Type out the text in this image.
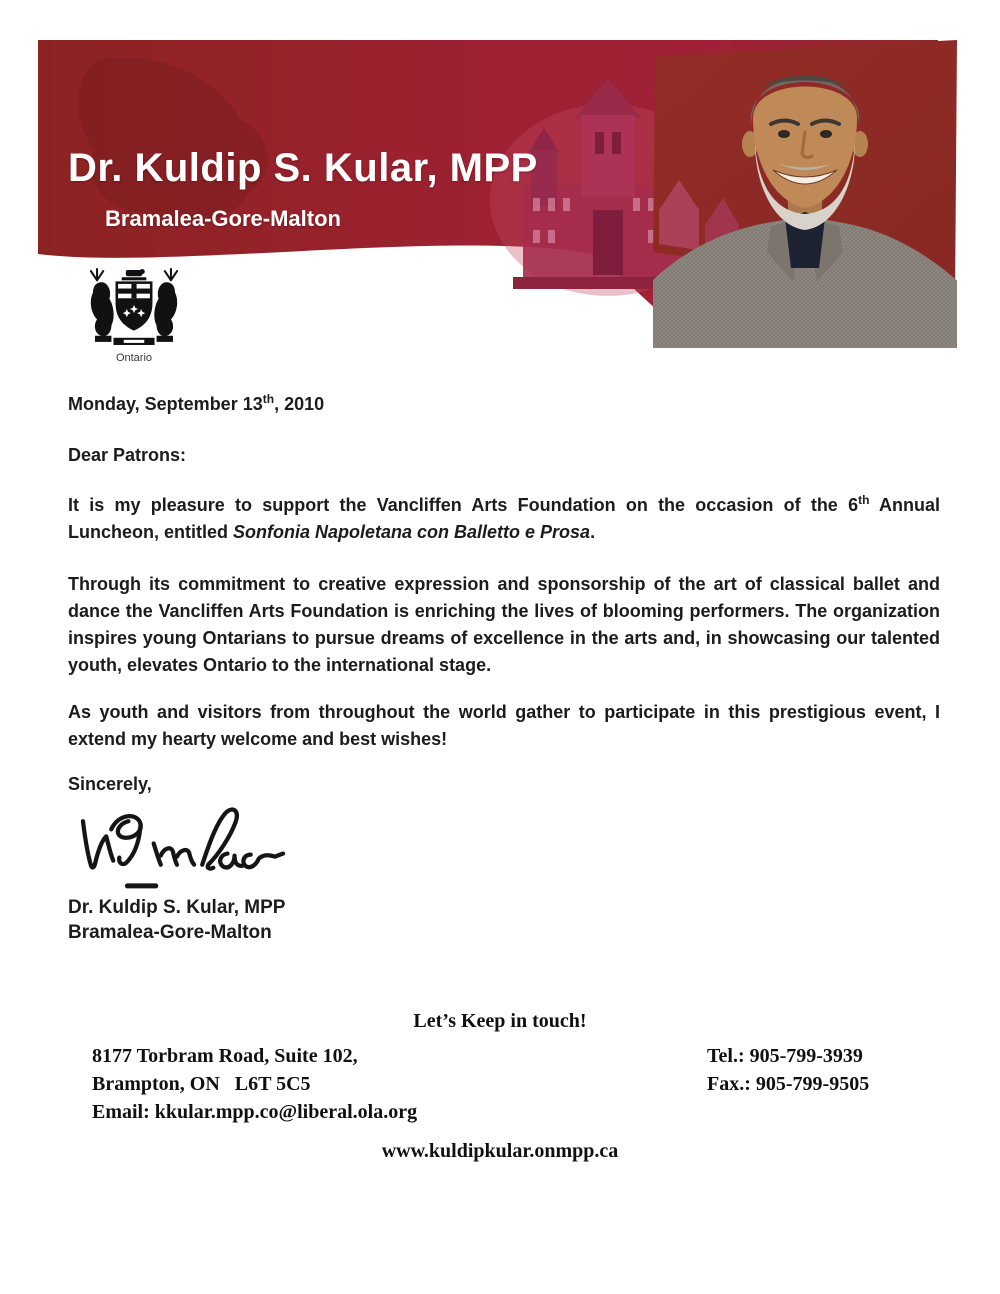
Dr. Kuldip S. Kular, MPP
Bramalea-Gore-Malton
Ontario

Monday, September 13th, 2010

Dear Patrons:

It is my pleasure to support the Vancliffen Arts Foundation on the occasion of the 6th Annual Luncheon, entitled Sonfonia Napoletana con Balletto e Prosa.

Through its commitment to creative expression and sponsorship of the art of classical ballet and dance the Vancliffen Arts Foundation is enriching the lives of blooming performers. The organization inspires young Ontarians to pursue dreams of excellence in the arts and, in showcasing our talented youth, elevates Ontario to the international stage.

As youth and visitors from throughout the world gather to participate in this prestigious event, I extend my hearty welcome and best wishes!

Sincerely,

Dr. Kuldip S. Kular, MPP

Bramalea-Gore-Malton

Let’s Keep in touch!
8177 Torbram Road, Suite 102,
Brampton, ON   L6T 5C5
Email: kkular.mpp.co@liberal.ola.org
Tel.: 905-799-3939
Fax.: 905-799-9505
www.kuldipkular.onmpp.ca
